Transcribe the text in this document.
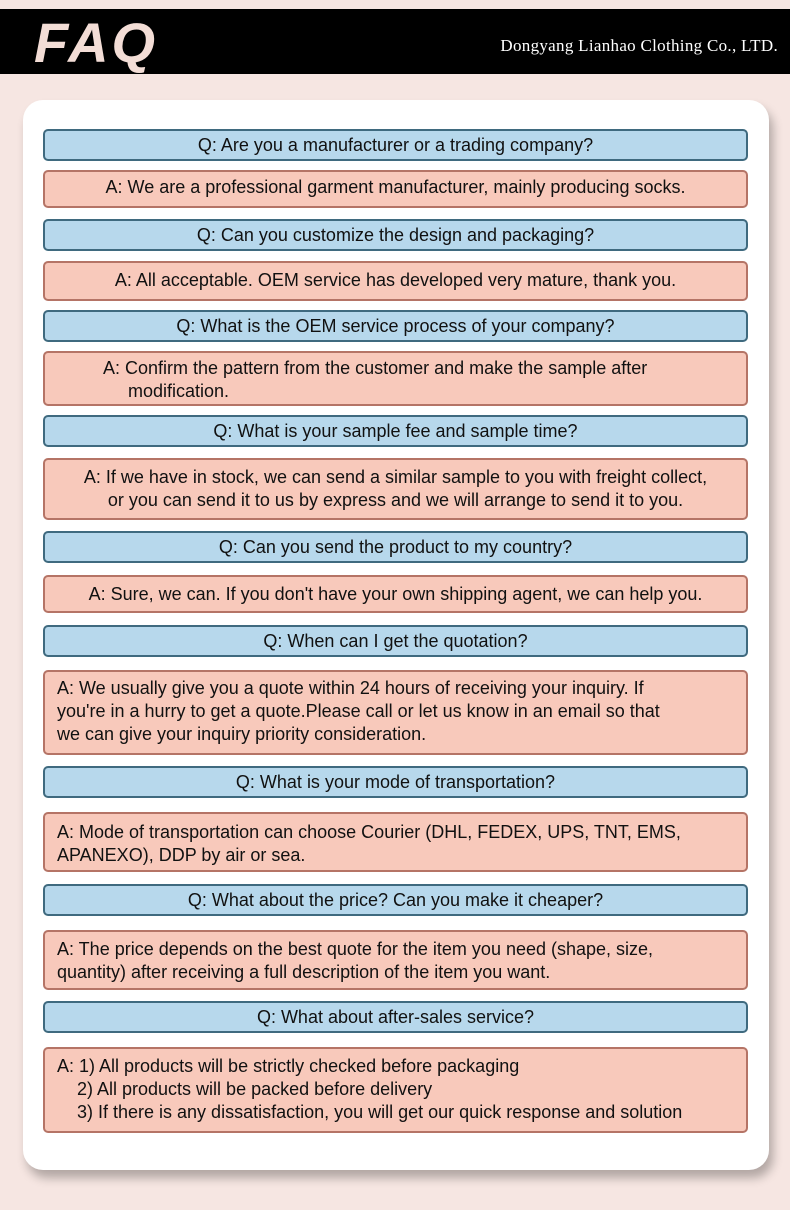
FAQ	Dongyang Lianhao Clothing Co., LTD.
Q: Are you a manufacturer or a trading company?
A: We are a professional garment manufacturer, mainly producing socks.
Q: Can you customize the design and packaging?
A: All acceptable. OEM service has developed very mature, thank you.
Q: What is the OEM service process of your company?
A: Confirm the pattern from the customer and make the sample after
modification.
Q: What is your sample fee and sample time?
A: If we have in stock, we can send a similar sample to you with freight collect,
or you can send it to us by express and we will arrange to send it to you.
Q: Can you send the product to my country?
A: Sure, we can. If you don't have your own shipping agent, we can help you.
Q: When can I get the quotation?
A: We usually give you a quote within 24 hours of receiving your inquiry. If
you're in a hurry to get a quote.Please call or let us know in an email so that
we can give your inquiry priority consideration.
Q: What is your mode of transportation?
A: Mode of transportation can choose Courier (DHL, FEDEX, UPS, TNT, EMS,
APANEXO), DDP by air or sea.
Q: What about the price? Can you make it cheaper?
A: The price depends on the best quote for the item you need (shape, size,
quantity) after receiving a full description of the item you want.
Q: What about after-sales service?
A: 1) All products will be strictly checked before packaging
2) All products will be packed before delivery
3) If there is any dissatisfaction, you will get our quick response and solution
